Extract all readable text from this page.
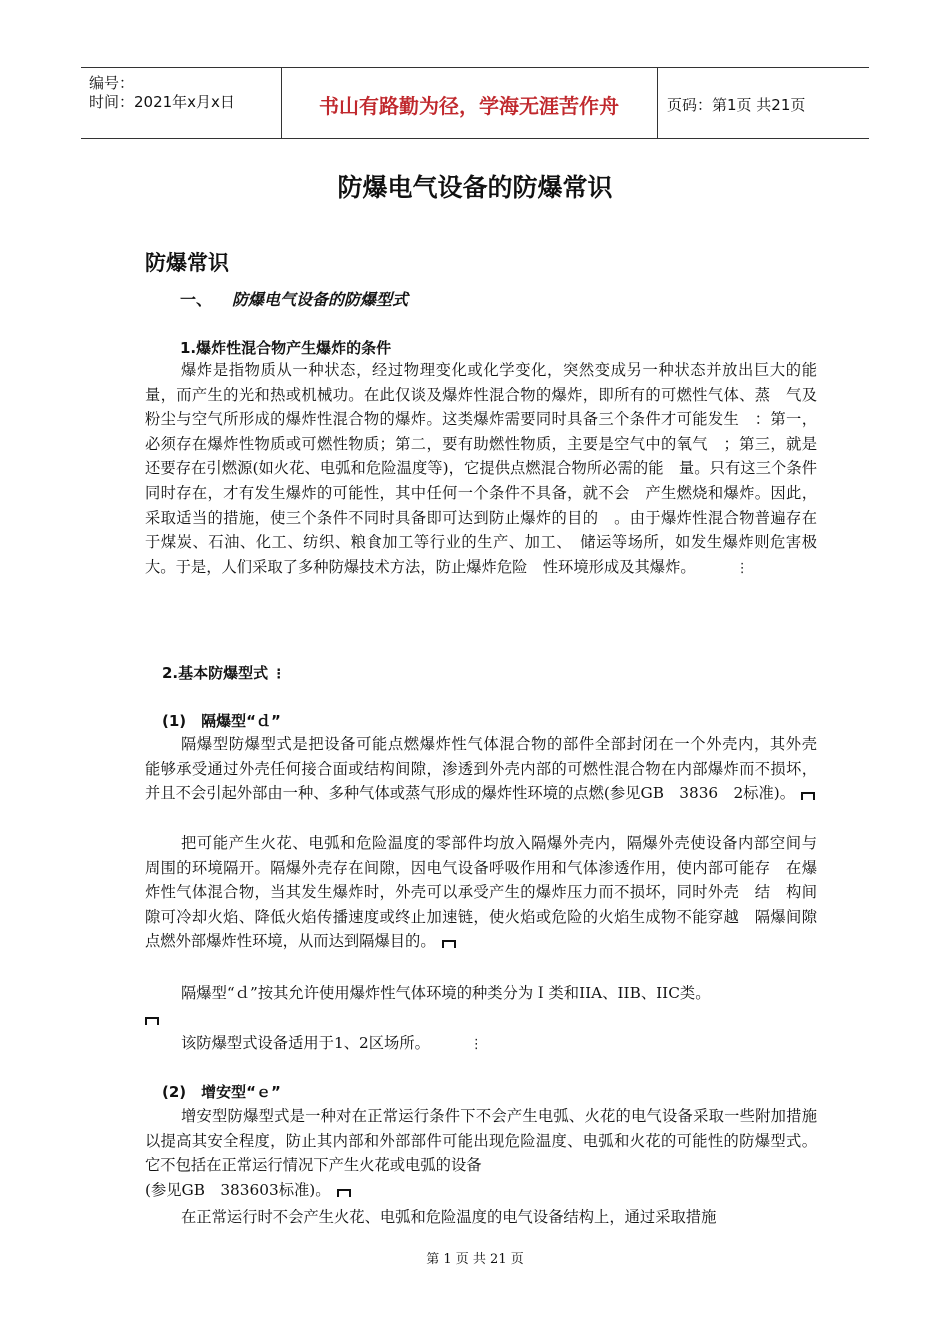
编号：
时间：2021年x月x日	书山有路勤为径，学海无涯苦作舟	页码：第1页 共21页
防爆电气设备的防爆常识
防爆常识
一、 防爆电气设备的防爆型式
1.爆炸性混合物产生爆炸的条件
爆炸是指物质从一种状态，经过物理变化或化学变化，突然变成另一种状态并放出巨大的能量，而产生的光和热或机械功。在此仅谈及爆炸性混合物的爆炸，即所有的可燃性气体、蒸　气及粉尘与空气所形成的爆炸性混合物的爆炸。这类爆炸需要同时具备三个条件才可能发生　：第一，必须存在爆炸性物质或可燃性物质；第二，要有助燃性物质，主要是空气中的氧气　；第三，就是还要存在引燃源(如火花、电弧和危险温度等)，它提供点燃混合物所必需的能　量。只有这三个条件同时存在，才有发生爆炸的可能性，其中任何一个条件不具备，就不会　产生燃烧和爆炸。因此，采取适当的措施，使三个条件不同时具备即可达到防止爆炸的目的　。由于爆炸性混合物普遍存在于煤炭、石油、化工、纺织、粮食加工等行业的生产、加工、　储运等场所，如发生爆炸则危害极大。于是，人们采取了多种防爆技术方法，防止爆炸危险　性环境形成及其爆炸。	⋮
2.基本防爆型式 ⋮
(1)　隔爆型“ｄ”
隔爆型防爆型式是把设备可能点燃爆炸性气体混合物的部件全部封闭在一个外壳内，其外壳　能够承受通过外壳任何接合面或结构间隙，渗透到外壳内部的可燃性混合物在内部爆炸而不损坏，并且不会引起外部由一种、多种气体或蒸气形成的爆炸性环境的点燃(参见GB　3836　2标准)。
把可能产生火花、电弧和危险温度的零部件均放入隔爆外壳内，隔爆外壳使设备内部空间与　周围的环境隔开。隔爆外壳存在间隙，因电气设备呼吸作用和气体渗透作用，使内部可能存　在爆炸性气体混合物，当其发生爆炸时，外壳可以承受产生的爆炸压力而不损坏，同时外壳　结　构间隙可冷却火焰、降低火焰传播速度或终止加速链，使火焰或危险的火焰生成物不能穿越　隔爆间隙点燃外部爆炸性环境，从而达到隔爆目的。
隔爆型“ｄ”按其允许使用爆炸性气体环境的种类分为Ｉ类和IIA、IIB、IIC类。
该防爆型式设备适用于1、2区场所。	⋮
(2)　增安型“ｅ”
增安型防爆型式是一种对在正常运行条件下不会产生电弧、火花的电气设备采取一些附加措施以提高其安全程度，防止其内部和外部部件可能出现危险温度、电弧和火花的可能性的防爆型式。它不包括在正常运行情况下产生火花或电弧的设备
(参见GB　383603标准)。
在正常运行时不会产生火花、电弧和危险温度的电气设备结构上，通过采取措施
第 1 页 共 21 页
